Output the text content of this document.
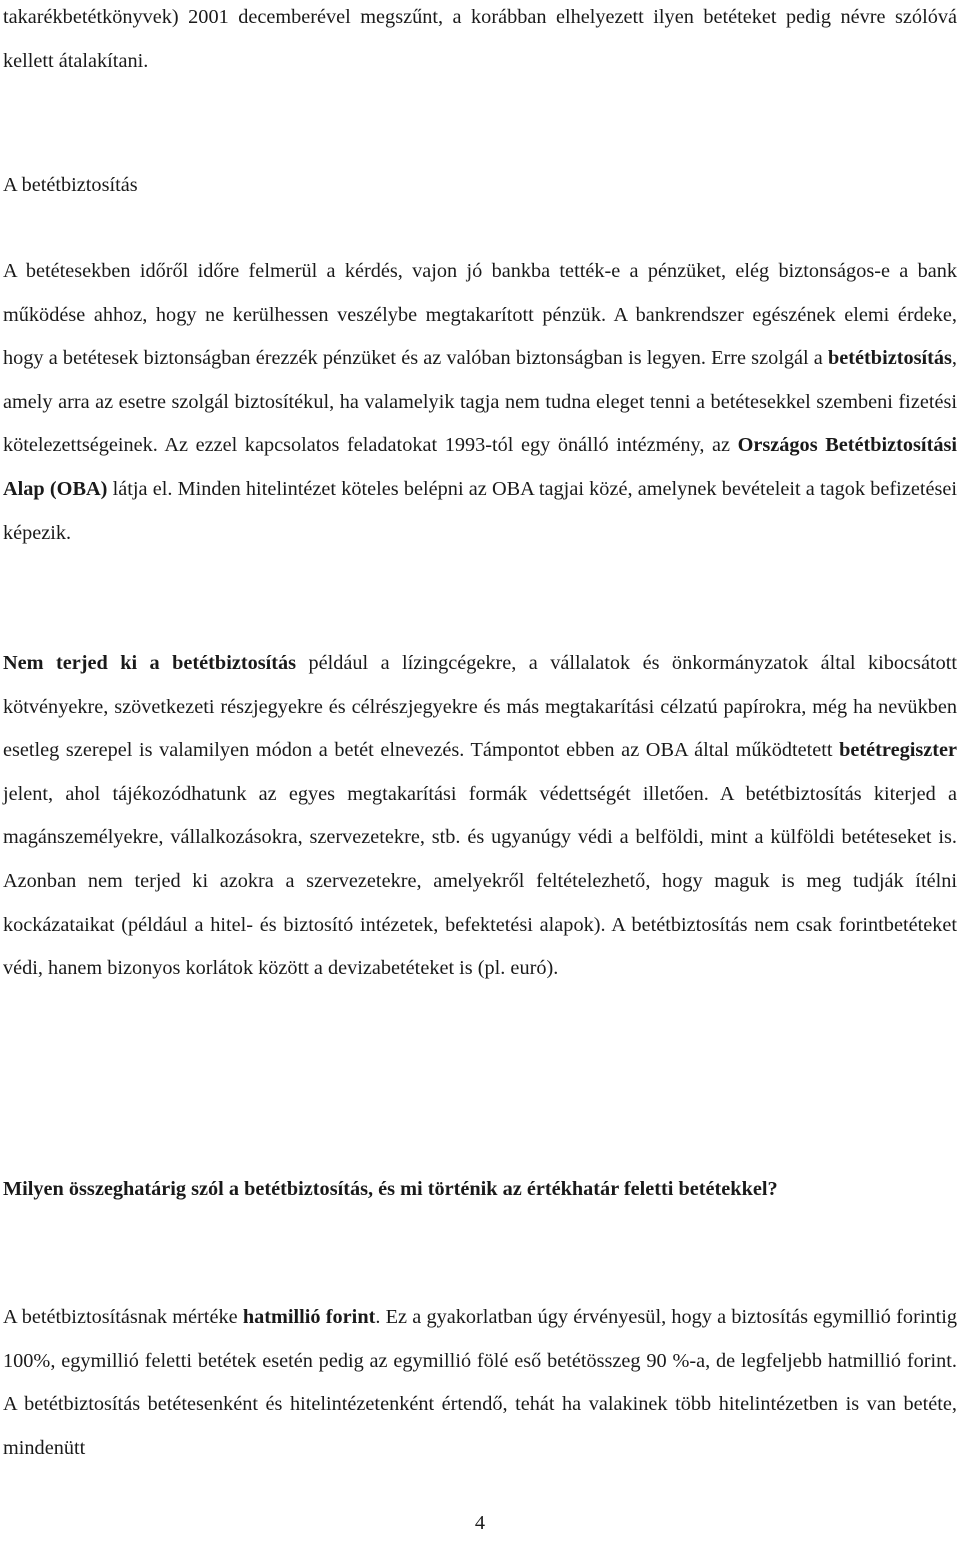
takarékbetétkönyvek) 2001 decemberével megszűnt, a korábban elhelyezett ilyen betéteket pedig névre szólóvá kellett átalakítani.

A betétbiztosítás

A betétesekben időről időre felmerül a kérdés, vajon jó bankba tették-e a pénzüket, elég biztonságos-e a bank működése ahhoz, hogy ne kerülhessen veszélybe megtakarított pénzük. A bankrendszer egészének elemi érdeke, hogy a betétesek biztonságban érezzék pénzüket és az valóban biztonságban is legyen. Erre szolgál a betétbiztosítás, amely arra az esetre szolgál biztosítékul, ha valamelyik tagja nem tudna eleget tenni a betétesekkel szembeni fizetési kötelezettségeinek. Az ezzel kapcsolatos feladatokat 1993-tól egy önálló intézmény, az Országos Betétbiztosítási Alap (OBA) látja el. Minden hitelintézet köteles belépni az OBA tagjai közé, amelynek bevételeit a tagok befizetései képezik.

Nem terjed ki a betétbiztosítás például a lízingcégekre, a vállalatok és önkormányzatok által kibocsátott kötvényekre, szövetkezeti részjegyekre és célrészjegyekre és más megtakarítási célzatú papírokra, még ha nevükben esetleg szerepel is valamilyen módon a betét elnevezés. Támpontot ebben az OBA által működtetett betétregiszter jelent, ahol tájékozódhatunk az egyes megtakarítási formák védettségét illetően. A betétbiztosítás kiterjed a magánszemélyekre, vállalkozásokra, szervezetekre, stb. és ugyanúgy védi a belföldi, mint a külföldi betéteseket is. Azonban nem terjed ki azokra a szervezetekre, amelyekről feltételezhető, hogy maguk is meg tudják ítélni kockázataikat (például a hitel- és biztosító intézetek, befektetési alapok). A betétbiztosítás nem csak forintbetéteket védi, hanem bizonyos korlátok között a devizabetéteket is (pl. euró).

Milyen összeghatárig szól a betétbiztosítás, és mi történik az értékhatár feletti betétekkel?

A betétbiztosításnak mértéke hatmillió forint. Ez a gyakorlatban úgy érvényesül, hogy a biztosítás egymillió forintig 100%, egymillió feletti betétek esetén pedig az egymillió fölé eső betétösszeg 90 %-a, de legfeljebb hatmillió forint. A betétbiztosítás betétesenként és hitelintézetenként értendő, tehát ha valakinek több hitelintézetben is van betéte, mindenütt

4
